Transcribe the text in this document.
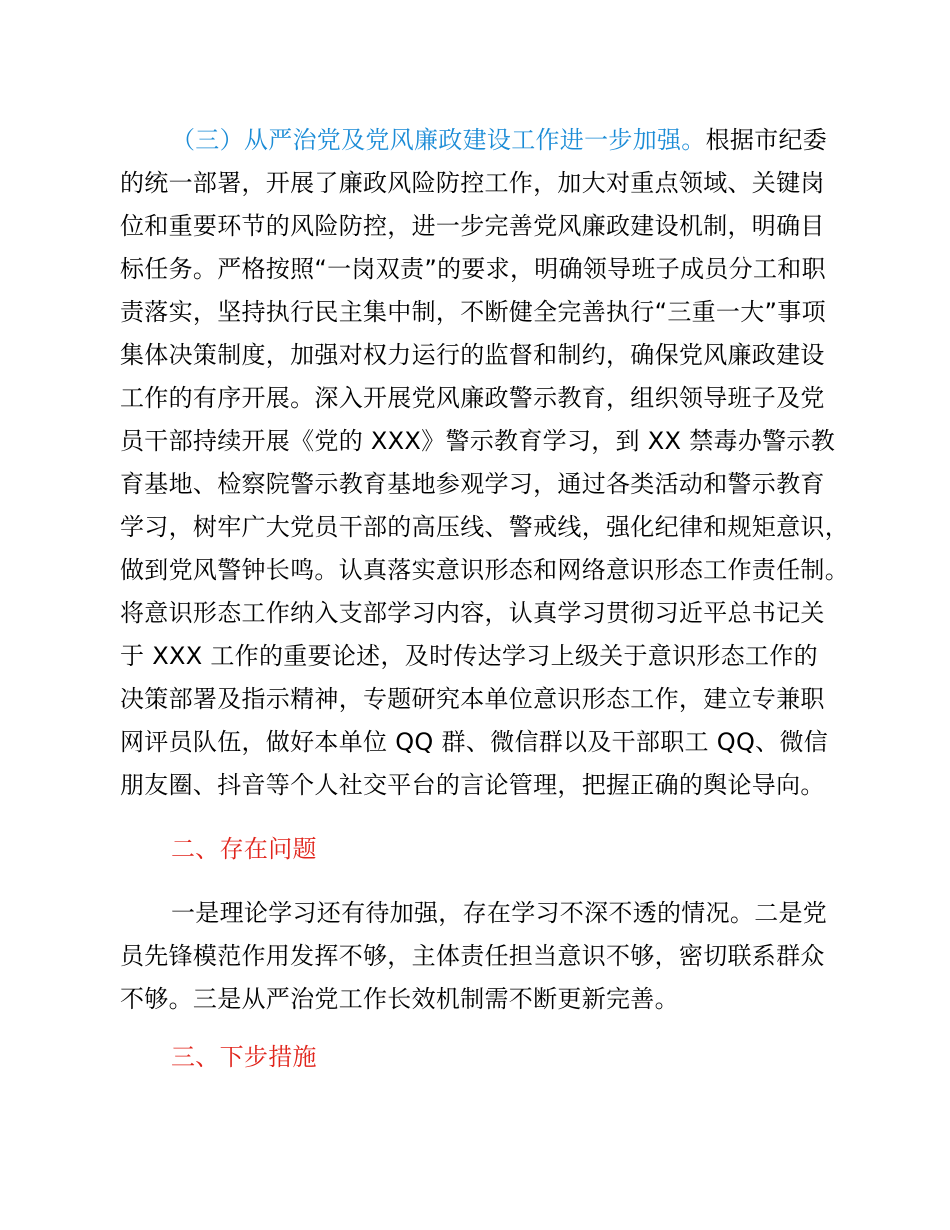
（三）从严治党及党风廉政建设工作进一步加强。根据市纪委
的统一部署，开展了廉政风险防控工作，加大对重点领域、关键岗
位和重要环节的风险防控，进一步完善党风廉政建设机制，明确目
标任务。严格按照“一岗双责”的要求，明确领导班子成员分工和职
责落实，坚持执行民主集中制，不断健全完善执行“三重一大”事项
集体决策制度，加强对权力运行的监督和制约，确保党风廉政建设
工作的有序开展。深入开展党风廉政警示教育，组织领导班子及党
员干部持续开展《党的 XXX》警示教育学习，到 XX 禁毒办警示教
育基地、检察院警示教育基地参观学习，通过各类活动和警示教育
学习，树牢广大党员干部的高压线、警戒线，强化纪律和规矩意识，
做到党风警钟长鸣。认真落实意识形态和网络意识形态工作责任制。
将意识形态工作纳入支部学习内容，认真学习贯彻习近平总书记关
于 XXX 工作的重要论述，及时传达学习上级关于意识形态工作的
决策部署及指示精神，专题研究本单位意识形态工作，建立专兼职
网评员队伍，做好本单位 QQ 群、微信群以及干部职工 QQ、微信
朋友圈、抖音等个人社交平台的言论管理，把握正确的舆论导向。
二、存在问题
一是理论学习还有待加强，存在学习不深不透的情况。二是党
员先锋模范作用发挥不够，主体责任担当意识不够，密切联系群众
不够。三是从严治党工作长效机制需不断更新完善。
三、下步措施
